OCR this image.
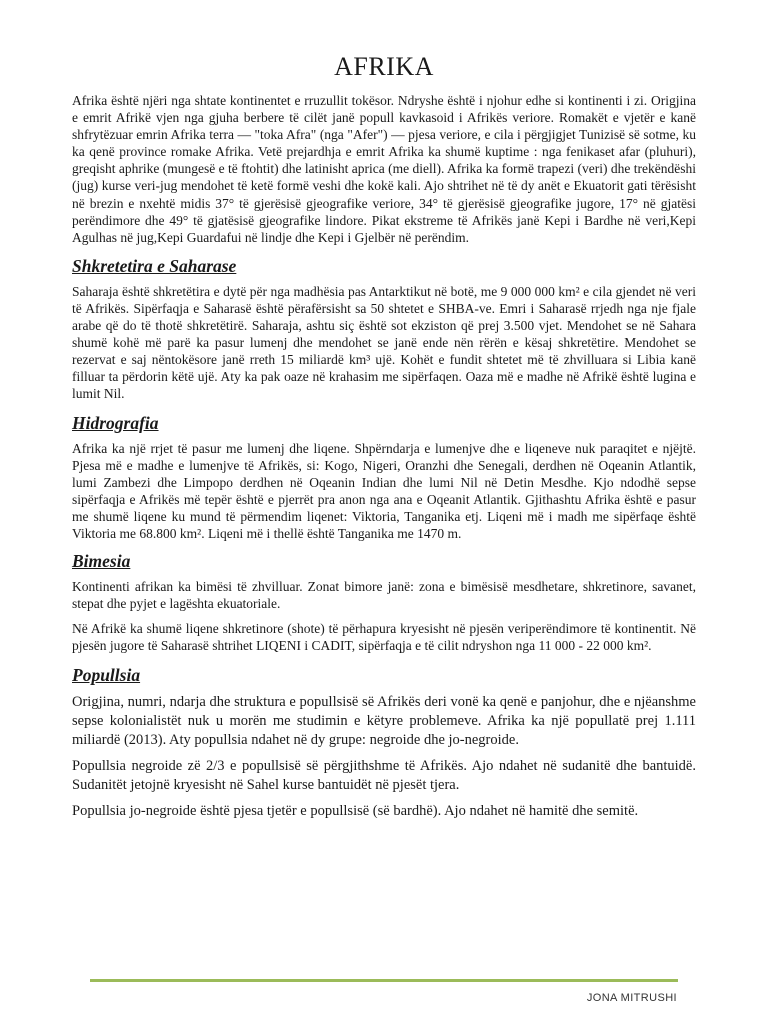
AFRIKA

Afrika është njëri nga shtate kontinentet e rruzullit tokësor. Ndryshe është i njohur edhe si kontinenti i zi. Origjina e emrit Afrikë vjen nga gjuha berbere të cilët janë popull kavkasoid i Afrikës veriore. Romakët e vjetër e kanë shfrytëzuar emrin Afrika terra — "toka Afra" (nga "Afer") — pjesa veriore, e cila i përgjigjet Tunizisë së sotme, ku ka qenë province romake Afrika. Vetë prejardhja e emrit Afrika ka shumë kuptime : nga fenikaset afar (pluhuri), greqisht aphrike (mungesë e të ftohtit) dhe latinisht aprica (me diell). Afrika ka formë trapezi (veri) dhe trekëndëshi (jug) kurse veri-jug mendohet të ketë formë veshi dhe kokë kali. Ajo shtrihet në të dy anët e Ekuatorit gati tërësisht në brezin e nxehtë midis 37° të gjerësisë gjeografike veriore, 34° të gjerësisë gjeografike jugore, 17° në gjatësi perëndimore dhe 49° të gjatësisë gjeografike lindore. Pikat ekstreme të Afrikës janë Kepi i Bardhe në veri,Kepi Agulhas në jug,Kepi Guardafui në lindje dhe Kepi i Gjelbër në perëndim.

Shkretetira e Saharase

Saharaja është shkretëtira e dytë për nga madhësia pas Antarktikut në botë, me 9 000 000 km² e cila gjendet në veri të Afrikës. Sipërfaqja e Saharasë është përafërsisht sa 50 shtetet e SHBA-ve. Emri i Saharasë rrjedh nga nje fjale arabe që do të thotë shkretëtirë. Saharaja, ashtu siç është sot ekziston që prej 3.500 vjet. Mendohet se në Sahara shumë kohë më parë ka pasur lumenj dhe mendohet se janë ende nën rërën e kësaj shkretëtire. Mendohet se rezervat e saj nëntokësore janë rreth 15 miliardë km³ ujë. Kohët e fundit shtetet më të zhvilluara si Libia kanë filluar ta përdorin këtë ujë. Aty ka pak oaze në krahasim me sipërfaqen. Oaza më e madhe në Afrikë është lugina e lumit Nil.

Hidrografia

Afrika ka një rrjet të pasur me lumenj dhe liqene. Shpërndarja e lumenjve dhe e liqeneve nuk paraqitet e njëjtë. Pjesa më e madhe e lumenjve të Afrikës, si: Kogo, Nigeri, Oranzhi dhe Senegali, derdhen në Oqeanin Atlantik, lumi Zambezi dhe Limpopo derdhen në Oqeanin Indian dhe lumi Nil në Detin Mesdhe. Kjo ndodhë sepse sipërfaqja e Afrikës më tepër është e pjerrët pra anon nga ana e Oqeanit Atlantik. Gjithashtu Afrika është e pasur me shumë liqene ku mund të përmendim liqenet: Viktoria, Tanganika etj. Liqeni më i madh me sipërfaqe është Viktoria me 68.800 km². Liqeni më i thellë është Tanganika me 1470 m.

Bimesia

Kontinenti afrikan ka bimësi të zhvilluar. Zonat bimore janë: zona e bimësisë mesdhetare, shkretinore, savanet, stepat dhe pyjet e lagështa ekuatoriale.

Në Afrikë ka shumë liqene shkretinore (shote) të përhapura kryesisht në pjesën veriperëndimore të kontinentit. Në pjesën jugore të Saharasë shtrihet LIQENI i CADIT, sipërfaqja e të cilit ndryshon nga 11 000 - 22 000 km².

Popullsia

Origjina, numri, ndarja dhe struktura e popullsisë së Afrikës deri vonë ka qenë e panjohur, dhe e njëanshme sepse kolonialistët nuk u morën me studimin e këtyre problemeve. Afrika ka një popullatë prej 1.111 miliardë (2013). Aty popullsia ndahet në dy grupe: negroide dhe jo-negroide.

Popullsia negroide zë 2/3 e popullsisë së përgjithshme të Afrikës. Ajo ndahet në sudanitë dhe bantuidë. Sudanitët jetojnë kryesisht në Sahel kurse bantuidët në pjesët tjera.

Popullsia jo-negroide është pjesa tjetër e popullsisë (së bardhë). Ajo ndahet në hamitë dhe semitë.

JONA MITRUSHI
